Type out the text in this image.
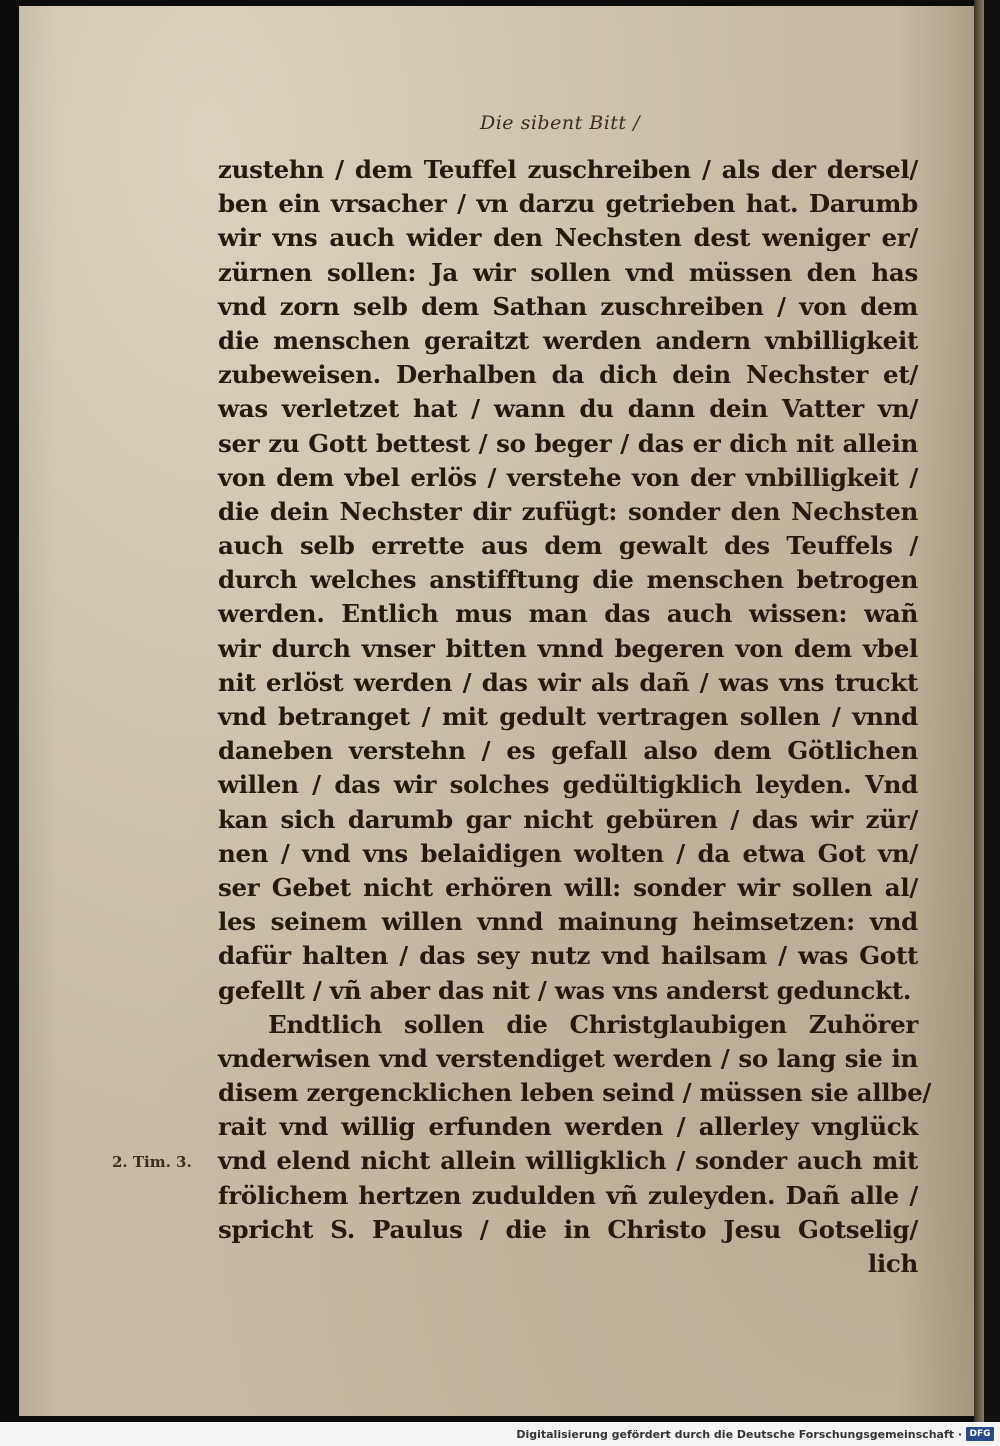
Die sibent Bitt /
zustehn / dem Teuffel zuschreiben / als der dersel/
ben ein vrsacher / vn darzu getrieben hat. Darumb
wir vns auch wider den Nechsten dest weniger er/
zürnen sollen: Ja wir sollen vnd müssen den has
vnd zorn selb dem Sathan zuschreiben / von dem
die menschen geraitzt werden andern vnbilligkeit
zubeweisen. Derhalben da dich dein Nechster et/
was verletzet hat / wann du dann dein Vatter vn/
ser zu Gott bettest / so beger / das er dich nit allein
von dem vbel erlös / verstehe von der vnbilligkeit /
die dein Nechster dir zufügt: sonder den Nechsten
auch selb errette aus dem gewalt des Teuffels /
durch welches anstifftung die menschen betrogen
werden. Entlich mus man das auch wissen: wañ
wir durch vnser bitten vnnd begeren von dem vbel
nit erlöst werden / das wir als dañ / was vns truckt
vnd betranget / mit gedult vertragen sollen / vnnd
daneben verstehn / es gefall also dem Götlichen
willen / das wir solches gedültigklich leyden. Vnd
kan sich darumb gar nicht gebüren / das wir zür/
nen / vnd vns belaidigen wolten / da etwa Got vn/
ser Gebet nicht erhören will: sonder wir sollen al/
les seinem willen vnnd mainung heimsetzen: vnd
dafür halten / das sey nutz vnd hailsam / was Gott
gefellt / vñ aber das nit / was vns anderst gedunckt.
Endtlich sollen die Christglaubigen Zuhörer
vnderwisen vnd verstendiget werden / so lang sie in
disem zergencklichen leben seind / müssen sie allbe/
rait vnd willig erfunden werden / allerley vnglück
vnd elend nicht allein willigklich / sonder auch mit
frölichem hertzen zudulden vñ zuleyden. Dañ alle /
spricht S. Paulus / die in Christo Jesu Gotselig/
lich
2. Tim. 3.
Digitalisierung gefördert durch die Deutsche Forschungsgemeinschaft · DFG
